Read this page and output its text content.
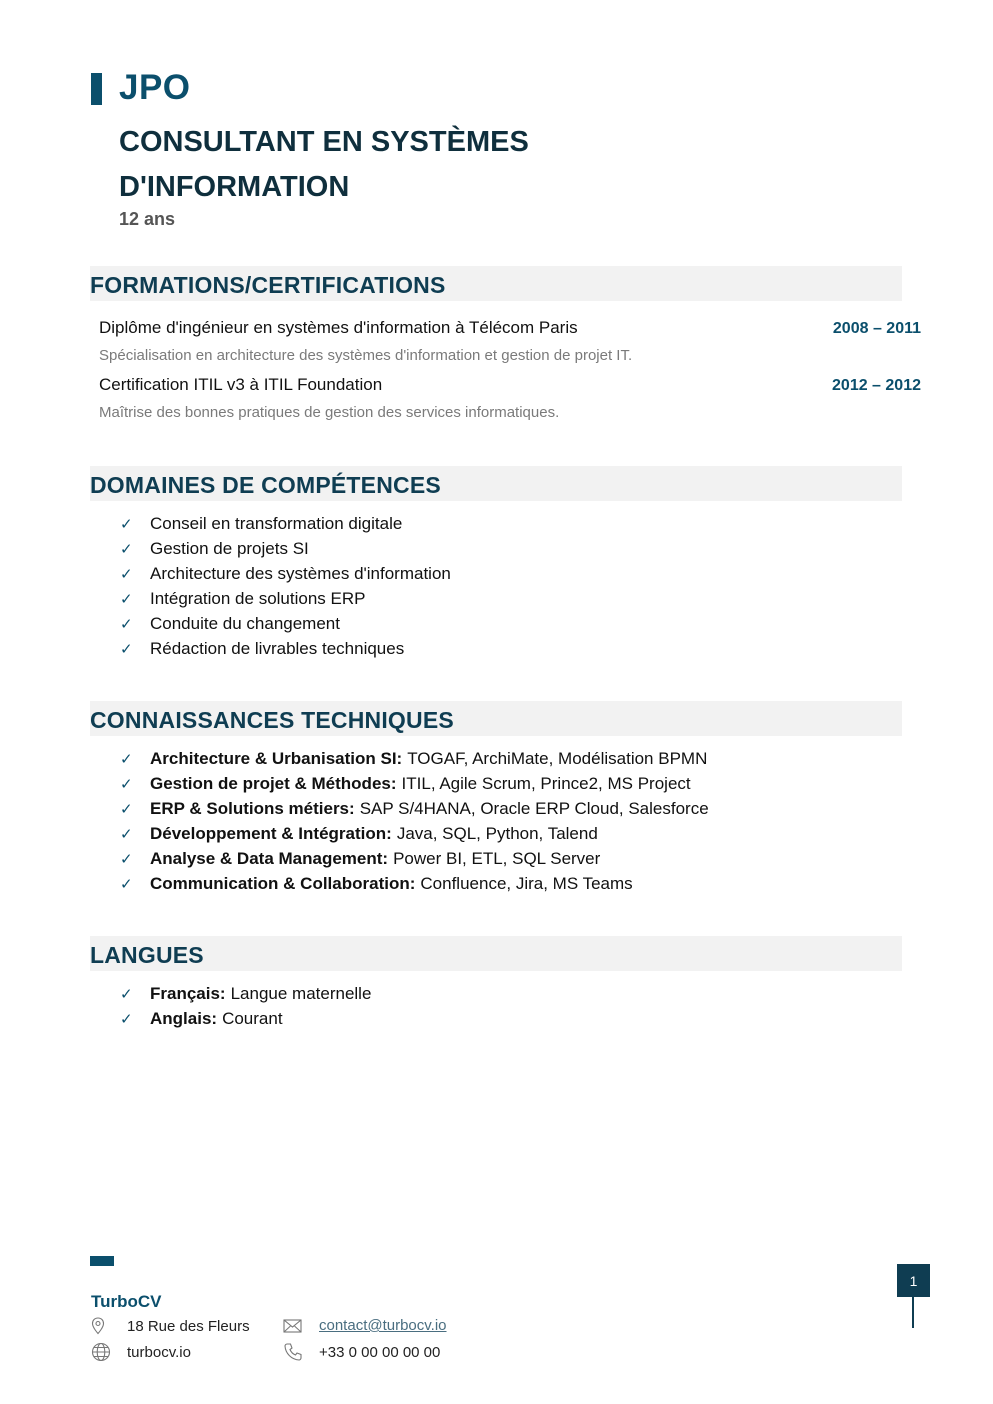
JPO
CONSULTANT EN SYSTÈMES D'INFORMATION
12 ans
FORMATIONS/CERTIFICATIONS
Diplôme d'ingénieur en systèmes d'information à Télécom Paris	2008 – 2011
Spécialisation en architecture des systèmes d'information et gestion de projet IT.
Certification ITIL v3 à ITIL Foundation	2012 – 2012
Maîtrise des bonnes pratiques de gestion des services informatiques.
DOMAINES DE COMPÉTENCES
✓	Conseil en transformation digitale
✓	Gestion de projets SI
✓	Architecture des systèmes d'information
✓	Intégration de solutions ERP
✓	Conduite du changement
✓	Rédaction de livrables techniques
CONNAISSANCES TECHNIQUES
✓	Architecture & Urbanisation SI: TOGAF, ArchiMate, Modélisation BPMN
✓	Gestion de projet & Méthodes: ITIL, Agile Scrum, Prince2, MS Project
✓	ERP & Solutions métiers: SAP S/4HANA, Oracle ERP Cloud, Salesforce
✓	Développement & Intégration: Java, SQL, Python, Talend
✓	Analyse & Data Management: Power BI, ETL, SQL Server
✓	Communication & Collaboration: Confluence, Jira, MS Teams
LANGUES
✓	Français: Langue maternelle
✓	Anglais: Courant
TurboCV
18 Rue des Fleurs
turbocv.io
contact@turbocv.io
+33 0 00 00 00 00
1
